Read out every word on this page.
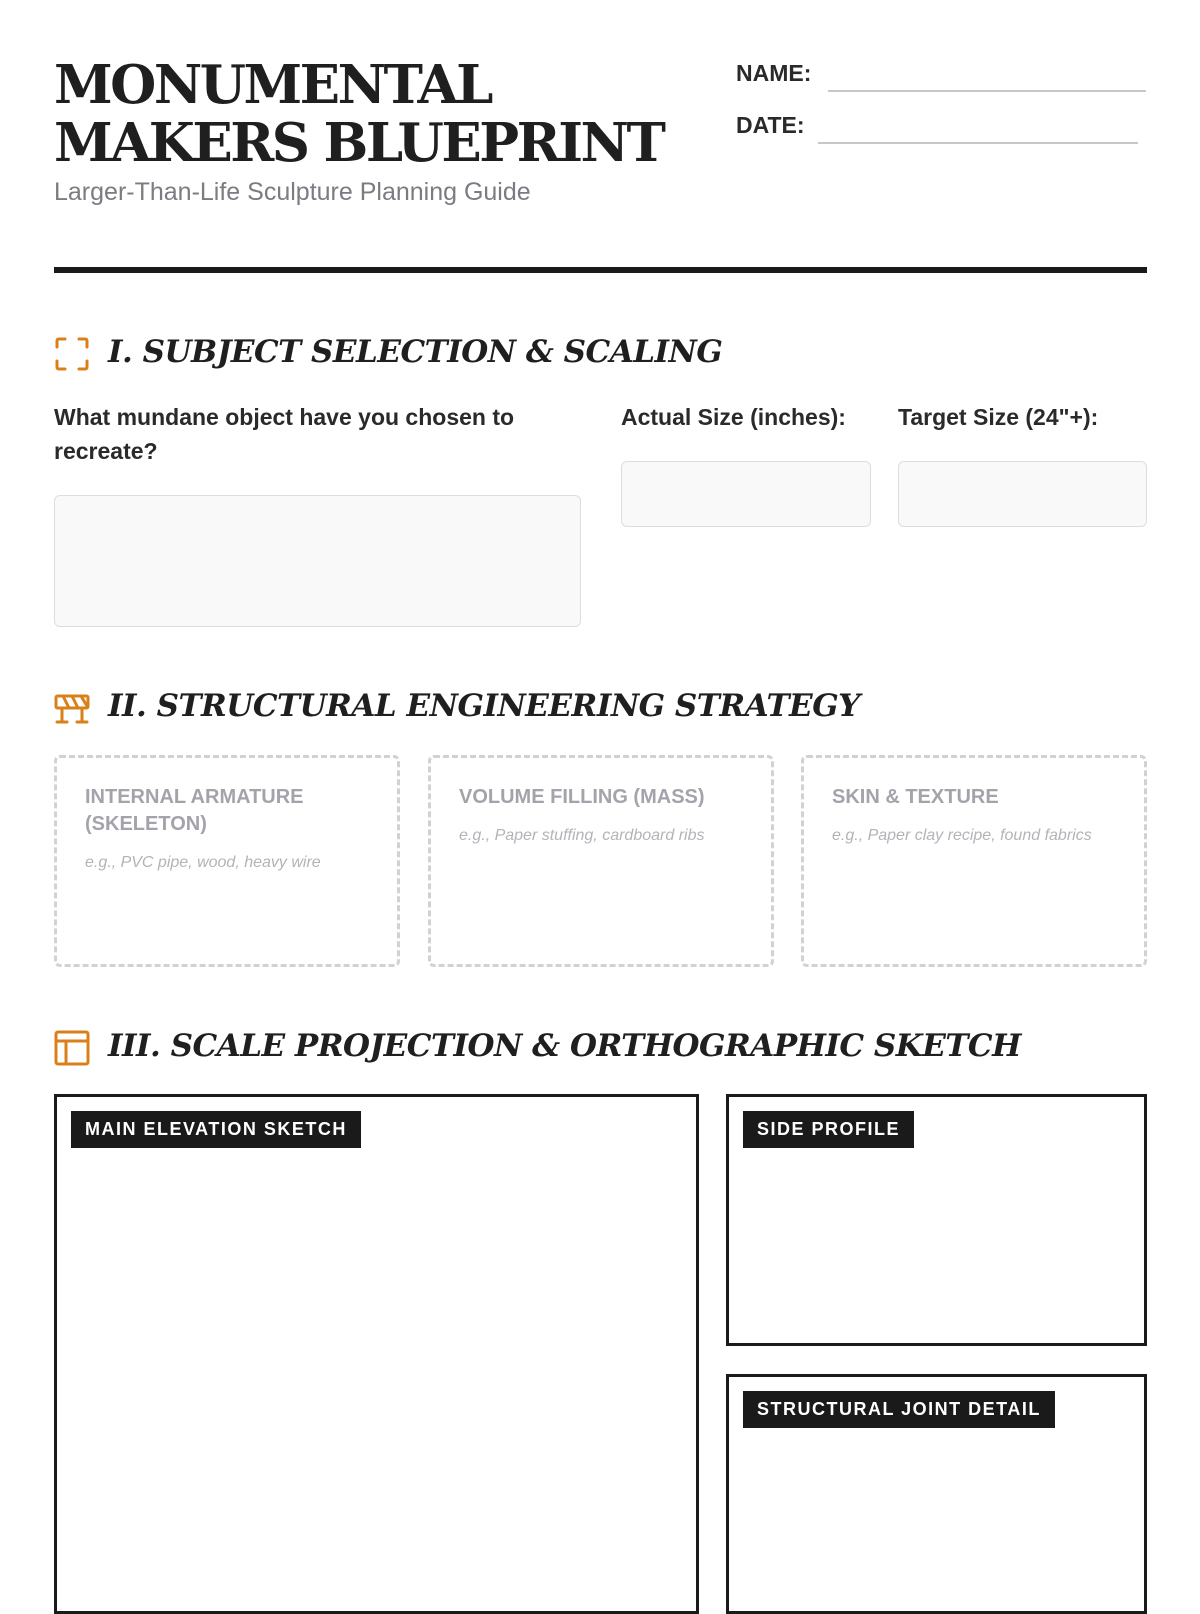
MONUMENTAL
MAKERS BLUEPRINT
Larger-Than-Life Sculpture Planning Guide
NAME:
DATE:
I. SUBJECT SELECTION & SCALING
What mundane object have you chosen to recreate?
Actual Size (inches):	Target Size (24"+):
II. STRUCTURAL ENGINEERING STRATEGY
INTERNAL ARMATURE (SKELETON)
e.g., PVC pipe, wood, heavy wire
VOLUME FILLING (MASS)
e.g., Paper stuffing, cardboard ribs
SKIN & TEXTURE
e.g., Paper clay recipe, found fabrics
III. SCALE PROJECTION & ORTHOGRAPHIC SKETCH
MAIN ELEVATION SKETCH	SIDE PROFILE
STRUCTURAL JOINT DETAIL
